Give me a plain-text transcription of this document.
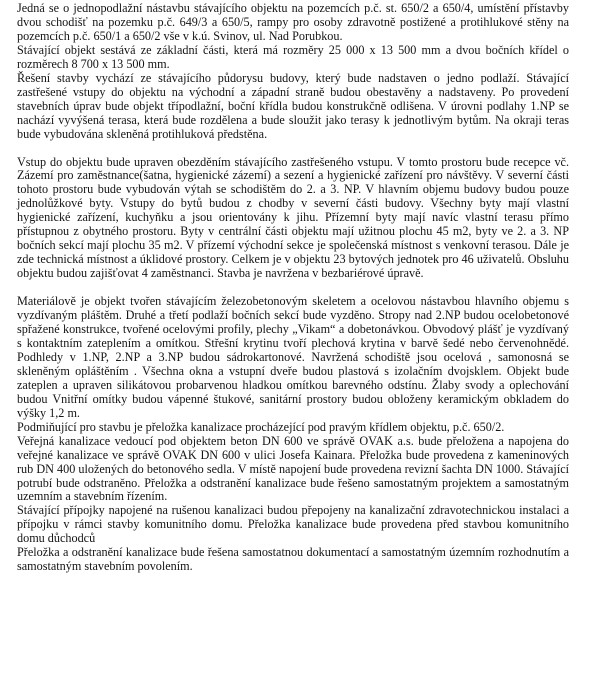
Jedná se o jednopodlažní nástavbu stávajícího objektu na pozemcích p.č. st. 650/2 a 650/4, umístění přístavby dvou schodišť na pozemku p.č. 649/3 a 650/5, rampy pro osoby zdravotně postižené a protihlukové stěny na pozemcích p.č. 650/1 a 650/2 vše v k.ú. Svinov, ul. Nad Porubkou.

Stávající objekt sestává ze základní části, která má rozměry 25 000 x 13 500 mm a dvou bočních křídel o rozměrech 8 700 x 13 500 mm.

Řešení stavby vychází ze stávajícího půdorysu budovy, který bude nadstaven o jedno podlaží. Stávající zastřešené vstupy do objektu na východní a západní straně budou obestavěny a nadstaveny. Po provedení stavebních úprav bude objekt třípodlažní, boční křídla budou konstrukčně odlišena. V úrovni podlahy 1.NP se nachází vyvýšená terasa, která bude rozdělena a bude sloužit jako terasy k jednotlivým bytům. Na okraji teras bude vybudována skleněná protihluková předstěna.

Vstup do objektu bude upraven obezděním stávajícího zastřešeného vstupu. V tomto prostoru bude recepce vč. Zázemí pro zaměstnance(šatna, hygienické zázemí) a sezení a hygienické zařízení pro návštěvy. V severní části tohoto prostoru bude vybudován výtah se schodištěm do 2. a 3. NP. V hlavním objemu budovy budou pouze jednolůžkové byty. Vstupy do bytů budou z chodby v severní části budovy. Všechny byty mají vlastní hygienické zařízení, kuchyňku a jsou orientovány k jihu. Přízemní byty mají navíc vlastní terasu přímo přístupnou z obytného prostoru. Byty v centrální části objektu mají užitnou plochu 45 m2, byty ve 2. a 3. NP bočních sekcí mají plochu 35 m2. V přízemí východní sekce je společenská místnost s venkovní terasou. Dále je zde technická místnost a úklidové prostory. Celkem je v objektu 23 bytových jednotek pro 46 uživatelů. Obsluhu objektu budou zajišťovat 4 zaměstnanci. Stavba je navržena v bezbariérové úpravě.

Materiálově je objekt tvořen stávajícím železobetonovým skeletem a ocelovou nástavbou hlavního objemu s vyzdívaným pláštěm. Druhé a třetí podlaží bočních sekcí bude vyzděno. Stropy nad 2.NP budou ocelobetonové spřažené konstrukce, tvořené ocelovými profily, plechy „Vikam“ a dobetonávkou. Obvodový plášť je vyzdívaný s kontaktním zateplením a omítkou. Střešní krytinu tvoří plechová krytina v barvě šedé nebo červenohnědé. Podhledy v 1.NP, 2.NP a 3.NP budou sádrokartonové. Navržená schodiště jsou ocelová , samonosná se skleněným opláštěním . Všechna okna a vstupní dveře budou plastová s izolačním dvojsklem. Objekt bude zateplen a upraven silikátovou probarvenou hladkou omítkou barevného odstínu. Žlaby svody a oplechování budou Vnitřní omítky budou vápenné štukové, sanitární prostory budou obloženy keramickým obkladem do výšky 1,2 m.

Podmiňující pro stavbu je přeložka kanalizace procházející pod pravým křídlem objektu, p.č. 650/2.

Veřejná kanalizace vedoucí pod objektem beton DN 600 ve správě OVAK a.s. bude přeložena a napojena do veřejné kanalizace ve správě OVAK DN 600 v ulici Josefa Kainara. Přeložka bude provedena z kameninových rub DN 400 uložených do betonového sedla. V místě napojení bude provedena revizní šachta DN 1000. Stávající potrubí bude odstraněno. Přeložka a odstranění kanalizace bude řešeno samostatným projektem a samostatným uzemním a stavebním řízením.

Stávající přípojky napojené na rušenou kanalizaci budou přepojeny na kanalizační zdravotechnickou instalaci a přípojku v rámci stavby komunitního domu. Přeložka kanalizace bude provedena před stavbou komunitního domu důchodců

Přeložka a odstranění kanalizace bude řešena samostatnou dokumentací a samostatným územním rozhodnutím a samostatným stavebním povolením.
